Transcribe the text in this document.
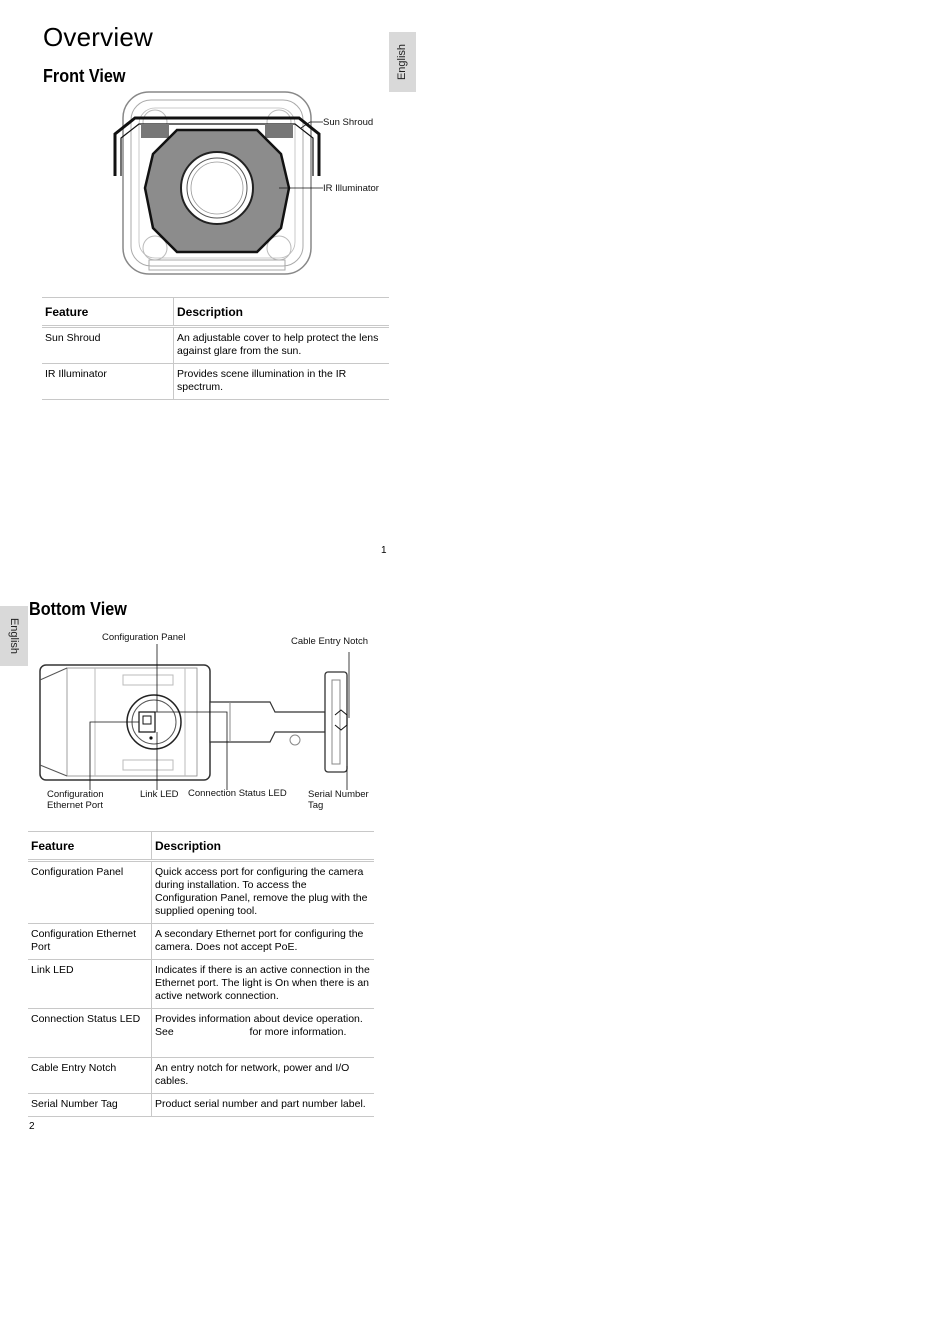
English
Overview
Front View
Sun Shroud
IR Illuminator
Feature	Description
Sun Shroud	An adjustable cover to help protect the lens against glare from the sun.
IR Illuminator	Provides scene illumination in the IR spectrum.
1
English
Bottom View
Configuration Panel	Cable Entry Notch
Configuration
Ethernet Port
Link LED Connection Status LED Serial Number
Tag
Feature	Description
Configuration Panel	Quick access port for configuring the camera during installation. To access the Configuration Panel, remove the plug with the supplied opening tool.
Configuration Ethernet Port	A secondary Ethernet port for configuring the camera. Does not accept PoE.
Link LED	Indicates if there is an active connection in the Ethernet port. The light is On when there is an active network connection.
Connection Status LED	Provides information about device operation. See                          for more information.
Cable Entry Notch	An entry notch for network, power and I/O cables.
Serial Number Tag	Product serial number and part number label.
2
